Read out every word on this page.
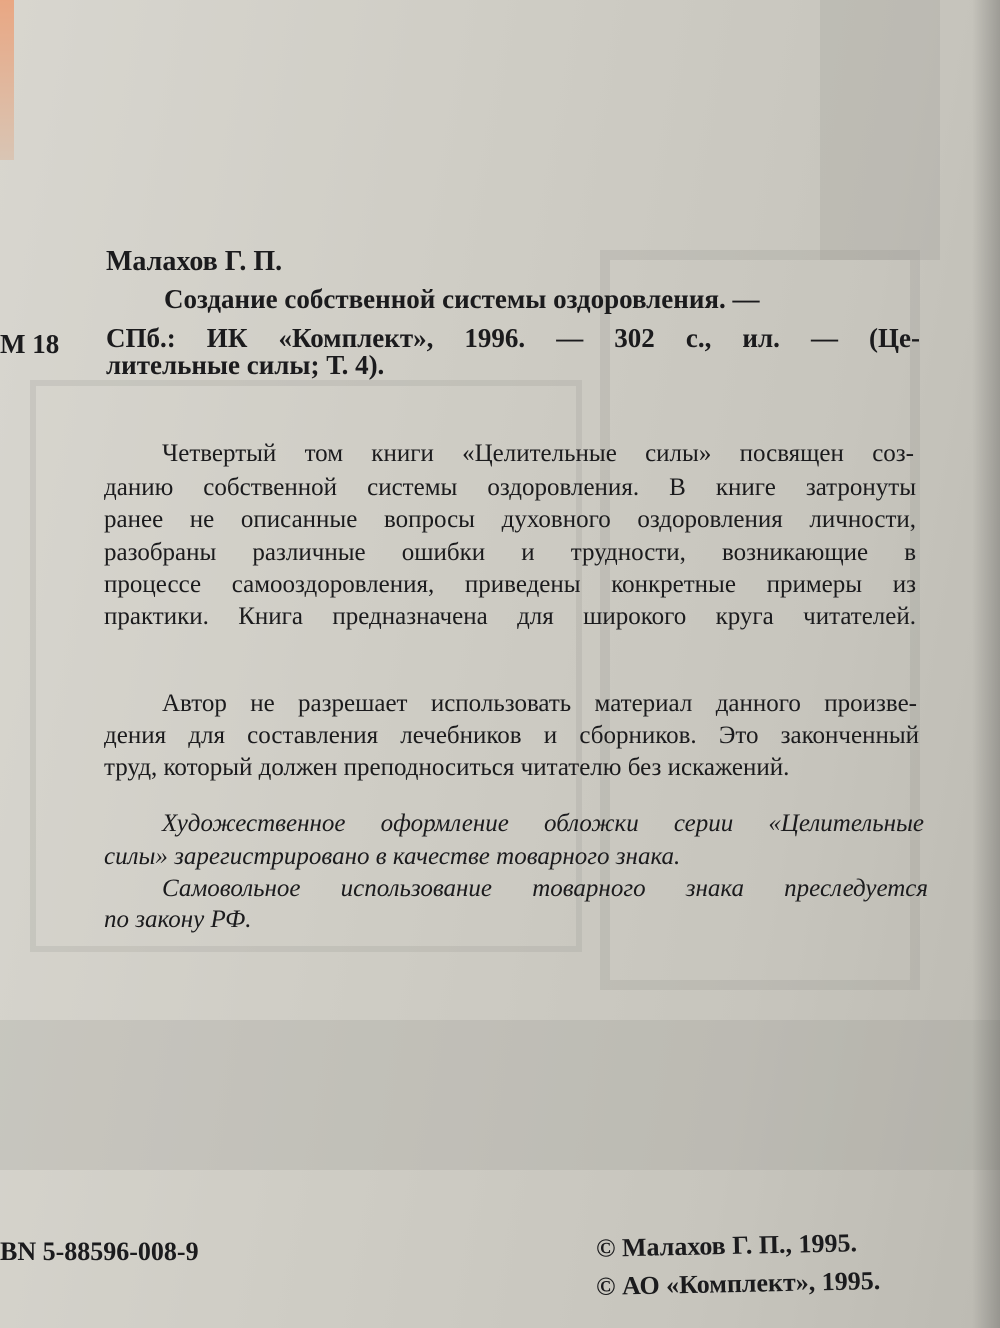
Малахов Г. П.
М 18
Создание собственной системы оздоровления. —
СПб.: ИК «Комплект», 1996. — 302 с., ил. — (Це-
лительные силы; Т. 4).
Четвертый том книги «Целительные силы» посвящен соз-
данию собственной системы оздоровления. В книге затронуты
ранее не описанные вопросы духовного оздоровления личности,
разобраны различные ошибки и трудности, возникающие в
процессе самооздоровления, приведены конкретные примеры из
практики. Книга предназначена для широкого круга читателей.
Автор не разрешает использовать материал данного произве-
дения для составления лечебников и сборников. Это законченный
труд, который должен преподноситься читателю без искажений.
Художественное оформление обложки серии «Целительные
силы» зарегистрировано в качестве товарного знака.
Самовольное использование товарного знака преследуется
по закону РФ.
BN 5-88596-008-9	© Малахов Г. П., 1995.
© АО «Комплект», 1995.
